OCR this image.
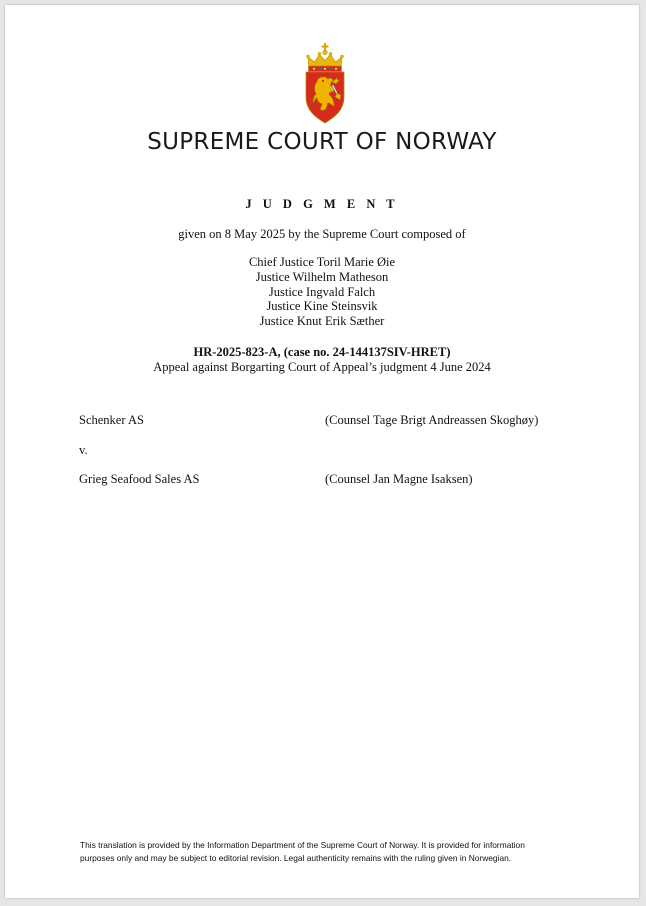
SUPREME COURT OF NORWAY
J U D G M E N T
given on 8 May 2025 by the Supreme Court composed of
Chief Justice Toril Marie Øie
Justice Wilhelm Matheson
Justice Ingvald Falch
Justice Kine Steinsvik
Justice Knut Erik Sæther
HR-2025-823-A, (case no. 24-144137SIV-HRET)
Appeal against Borgarting Court of Appeal’s judgment 4 June 2024
Schenker AS	(Counsel Tage Brigt Andreassen Skoghøy)
v.
Grieg Seafood Sales AS	(Counsel Jan Magne Isaksen)
This translation is provided by the Information Department of the Supreme Court of Norway. It is provided for information
purposes only and may be subject to editorial revision. Legal authenticity remains with the ruling given in Norwegian.
